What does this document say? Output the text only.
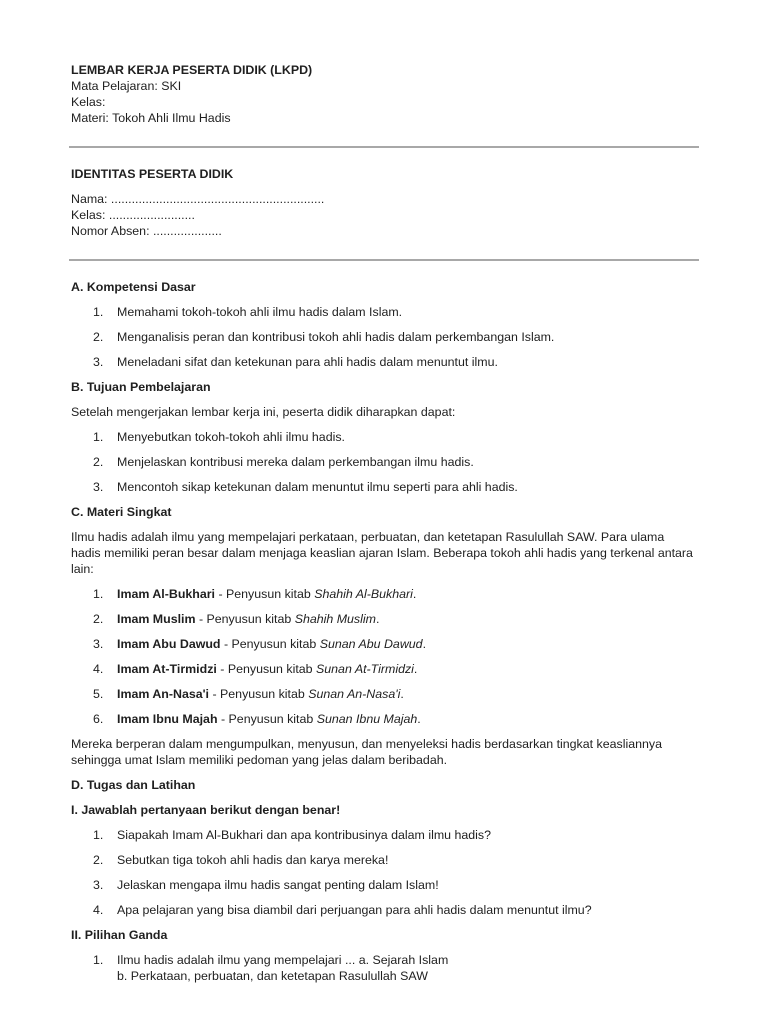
LEMBAR KERJA PESERTA DIDIK (LKPD)

Mata Pelajaran: SKI

Kelas:

Materi: Tokoh Ahli Ilmu Hadis

IDENTITAS PESERTA DIDIK

Nama: ..............................................................

Kelas: .........................

Nomor Absen: ....................

A. Kompetensi Dasar

1. Memahami tokoh-tokoh ahli ilmu hadis dalam Islam.
2. Menganalisis peran dan kontribusi tokoh ahli hadis dalam perkembangan Islam.
3. Meneladani sifat dan ketekunan para ahli hadis dalam menuntut ilmu.

B. Tujuan Pembelajaran

Setelah mengerjakan lembar kerja ini, peserta didik diharapkan dapat:

1. Menyebutkan tokoh-tokoh ahli ilmu hadis.
2. Menjelaskan kontribusi mereka dalam perkembangan ilmu hadis.
3. Mencontoh sikap ketekunan dalam menuntut ilmu seperti para ahli hadis.

C. Materi Singkat

Ilmu hadis adalah ilmu yang mempelajari perkataan, perbuatan, dan ketetapan Rasulullah SAW. Para ulama hadis memiliki peran besar dalam menjaga keaslian ajaran Islam. Beberapa tokoh ahli hadis yang terkenal antara lain:

1. Imam Al-Bukhari - Penyusun kitab Shahih Al-Bukhari.
2. Imam Muslim - Penyusun kitab Shahih Muslim.
3. Imam Abu Dawud - Penyusun kitab Sunan Abu Dawud.
4. Imam At-Tirmidzi - Penyusun kitab Sunan At-Tirmidzi.
5. Imam An-Nasa'i - Penyusun kitab Sunan An-Nasa'i.
6. Imam Ibnu Majah - Penyusun kitab Sunan Ibnu Majah.

Mereka berperan dalam mengumpulkan, menyusun, dan menyeleksi hadis berdasarkan tingkat keasliannya sehingga umat Islam memiliki pedoman yang jelas dalam beribadah.

D. Tugas dan Latihan

I. Jawablah pertanyaan berikut dengan benar!

1. Siapakah Imam Al-Bukhari dan apa kontribusinya dalam ilmu hadis?
2. Sebutkan tiga tokoh ahli hadis dan karya mereka!
3. Jelaskan mengapa ilmu hadis sangat penting dalam Islam!
4. Apa pelajaran yang bisa diambil dari perjuangan para ahli hadis dalam menuntut ilmu?

II. Pilihan Ganda

1. Ilmu hadis adalah ilmu yang mempelajari ... a. Sejarah Islam
b. Perkataan, perbuatan, dan ketetapan Rasulullah SAW
